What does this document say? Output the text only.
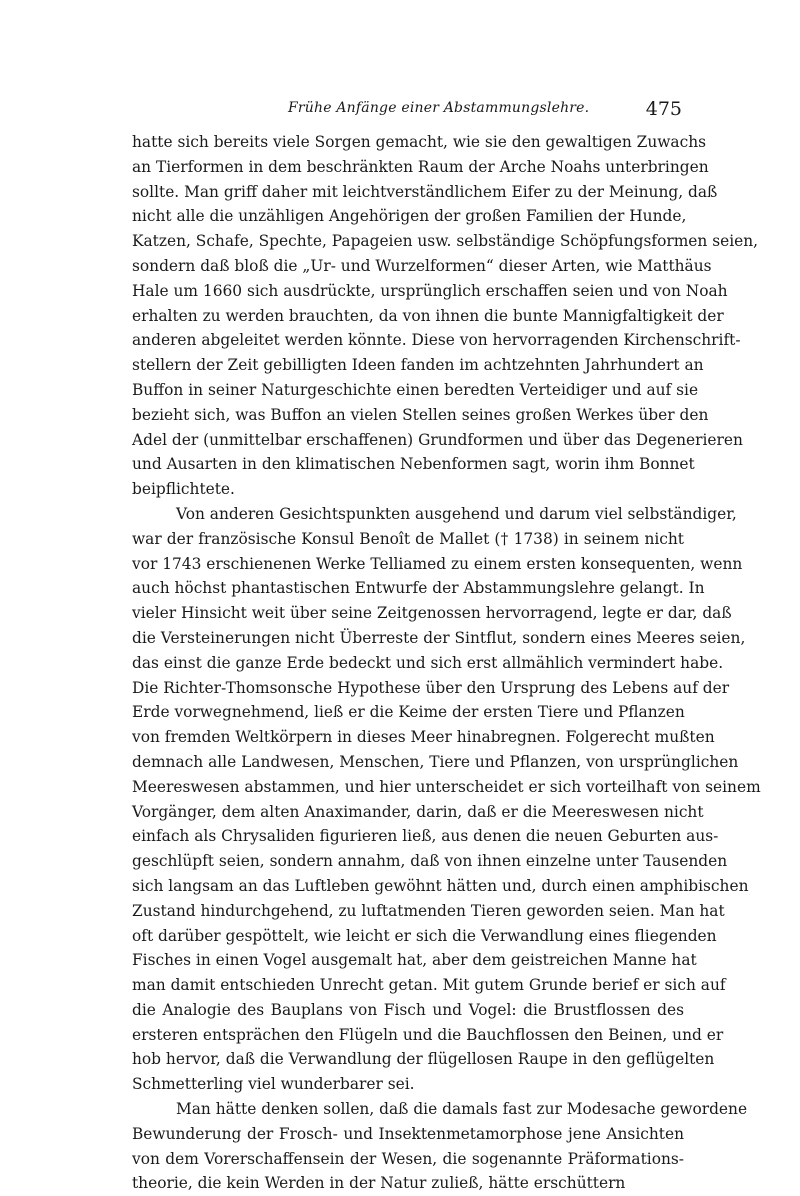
Frühe Anfänge einer Abstammungslehre.	475
hatte sich bereits viele Sorgen gemacht, wie sie den gewaltigen Zuwachs
an Tierformen in dem beschränkten Raum der Arche Noahs unterbringen
sollte. Man griff daher mit leichtverständlichem Eifer zu der Meinung, daß
nicht alle die unzähligen Angehörigen der großen Familien der Hunde,
Katzen, Schafe, Spechte, Papageien usw. selbständige Schöpfungsformen seien,
sondern daß bloß die „Ur- und Wurzelformen“ dieser Arten, wie Matthäus
Hale um 1660 sich ausdrückte, ursprünglich erschaffen seien und von Noah
erhalten zu werden brauchten, da von ihnen die bunte Mannigfaltigkeit der
anderen abgeleitet werden könnte. Diese von hervorragenden Kirchenschrift-
stellern der Zeit gebilligten Ideen fanden im achtzehnten Jahrhundert an
Buffon in seiner Naturgeschichte einen beredten Verteidiger und auf sie
bezieht sich, was Buffon an vielen Stellen seines großen Werkes über den
Adel der (unmittelbar erschaffenen) Grundformen und über das Degenerieren
und Ausarten in den klimatischen Nebenformen sagt, worin ihm Bonnet
beipflichtete.
Von anderen Gesichtspunkten ausgehend und darum viel selbständiger,
war der französische Konsul Benoît de Mallet († 1738) in seinem nicht
vor 1743 erschienenen Werke Telliamed zu einem ersten konsequenten, wenn
auch höchst phantastischen Entwurfe der Abstammungslehre gelangt. In
vieler Hinsicht weit über seine Zeitgenossen hervorragend, legte er dar, daß
die Versteinerungen nicht Überreste der Sintflut, sondern eines Meeres seien,
das einst die ganze Erde bedeckt und sich erst allmählich vermindert habe.
Die Richter-Thomsonsche Hypothese über den Ursprung des Lebens auf der
Erde vorwegnehmend, ließ er die Keime der ersten Tiere und Pflanzen
von fremden Weltkörpern in dieses Meer hinabregnen. Folgerecht mußten
demnach alle Landwesen, Menschen, Tiere und Pflanzen, von ursprünglichen
Meereswesen abstammen, und hier unterscheidet er sich vorteilhaft von seinem
Vorgänger, dem alten Anaximander, darin, daß er die Meereswesen nicht
einfach als Chrysaliden figurieren ließ, aus denen die neuen Geburten aus-
geschlüpft seien, sondern annahm, daß von ihnen einzelne unter Tausenden
sich langsam an das Luftleben gewöhnt hätten und, durch einen amphibischen
Zustand hindurchgehend, zu luftatmenden Tieren geworden seien. Man hat
oft darüber gespöttelt, wie leicht er sich die Verwandlung eines fliegenden
Fisches in einen Vogel ausgemalt hat, aber dem geistreichen Manne hat
man damit entschieden Unrecht getan. Mit gutem Grunde berief er sich auf
die Analogie des Bauplans von Fisch und Vogel: die Brustflossen des
ersteren entsprächen den Flügeln und die Bauchflossen den Beinen, und er
hob hervor, daß die Verwandlung der flügellosen Raupe in den geflügelten
Schmetterling viel wunderbarer sei.
Man hätte denken sollen, daß die damals fast zur Modesache gewordene
Bewunderung der Frosch- und Insektenmetamorphose jene Ansichten
von dem Vorerschaffensein der Wesen, die sogenannte Präformations-
theorie, die kein Werden in der Natur zuließ, hätte erschüttern
